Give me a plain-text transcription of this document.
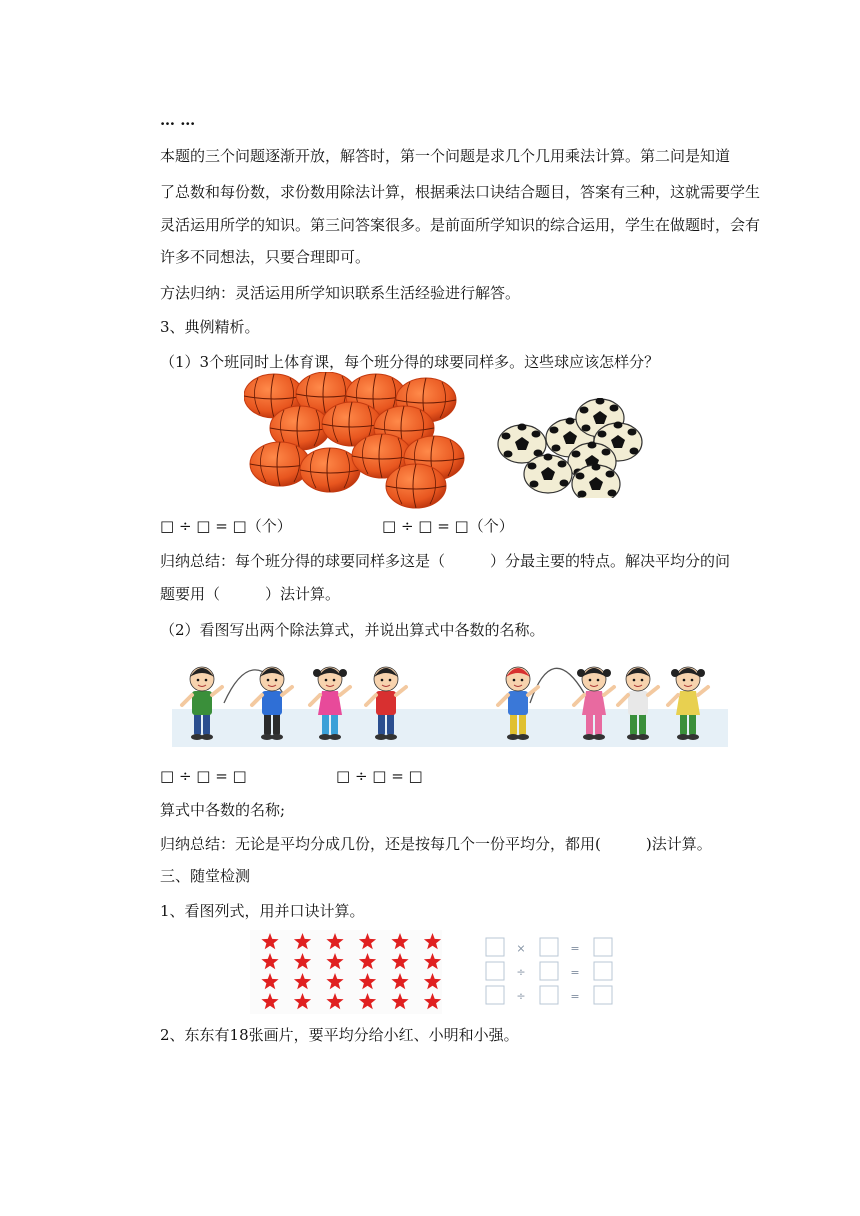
… …
本题的三个问题逐渐开放，解答时，第一个问题是求几个几用乘法计算。第二问是知道
了总数和每份数，求份数用除法计算，根据乘法口诀结合题目，答案有三种，这就需要学生
灵活运用所学的知识。第三问答案很多。是前面所学知识的综合运用，学生在做题时，会有
许多不同想法，只要合理即可。
方法归纳：灵活运用所学知识联系生活经验进行解答。
3、典例精析。
（1）3个班同时上体育课，每个班分得的球要同样多。这些球应该怎样分？
□ ÷ □ = □（个）	□ ÷ □ = □（个）
归纳总结：每个班分得的球要同样多这是（　　　）分最主要的特点。解决平均分的问
题要用（　　　）法计算。
（2）看图写出两个除法算式，并说出算式中各数的名称。
□ ÷ □ = □	□ ÷ □ = □
算式中各数的名称;
归纳总结：无论是平均分成几份，还是按每几个一份平均分，都用(　　　)法计算。
三、随堂检测
1、看图列式，用并口诀计算。
×
÷
÷
=
=
=
2、东东有18张画片，要平均分给小红、小明和小强。
